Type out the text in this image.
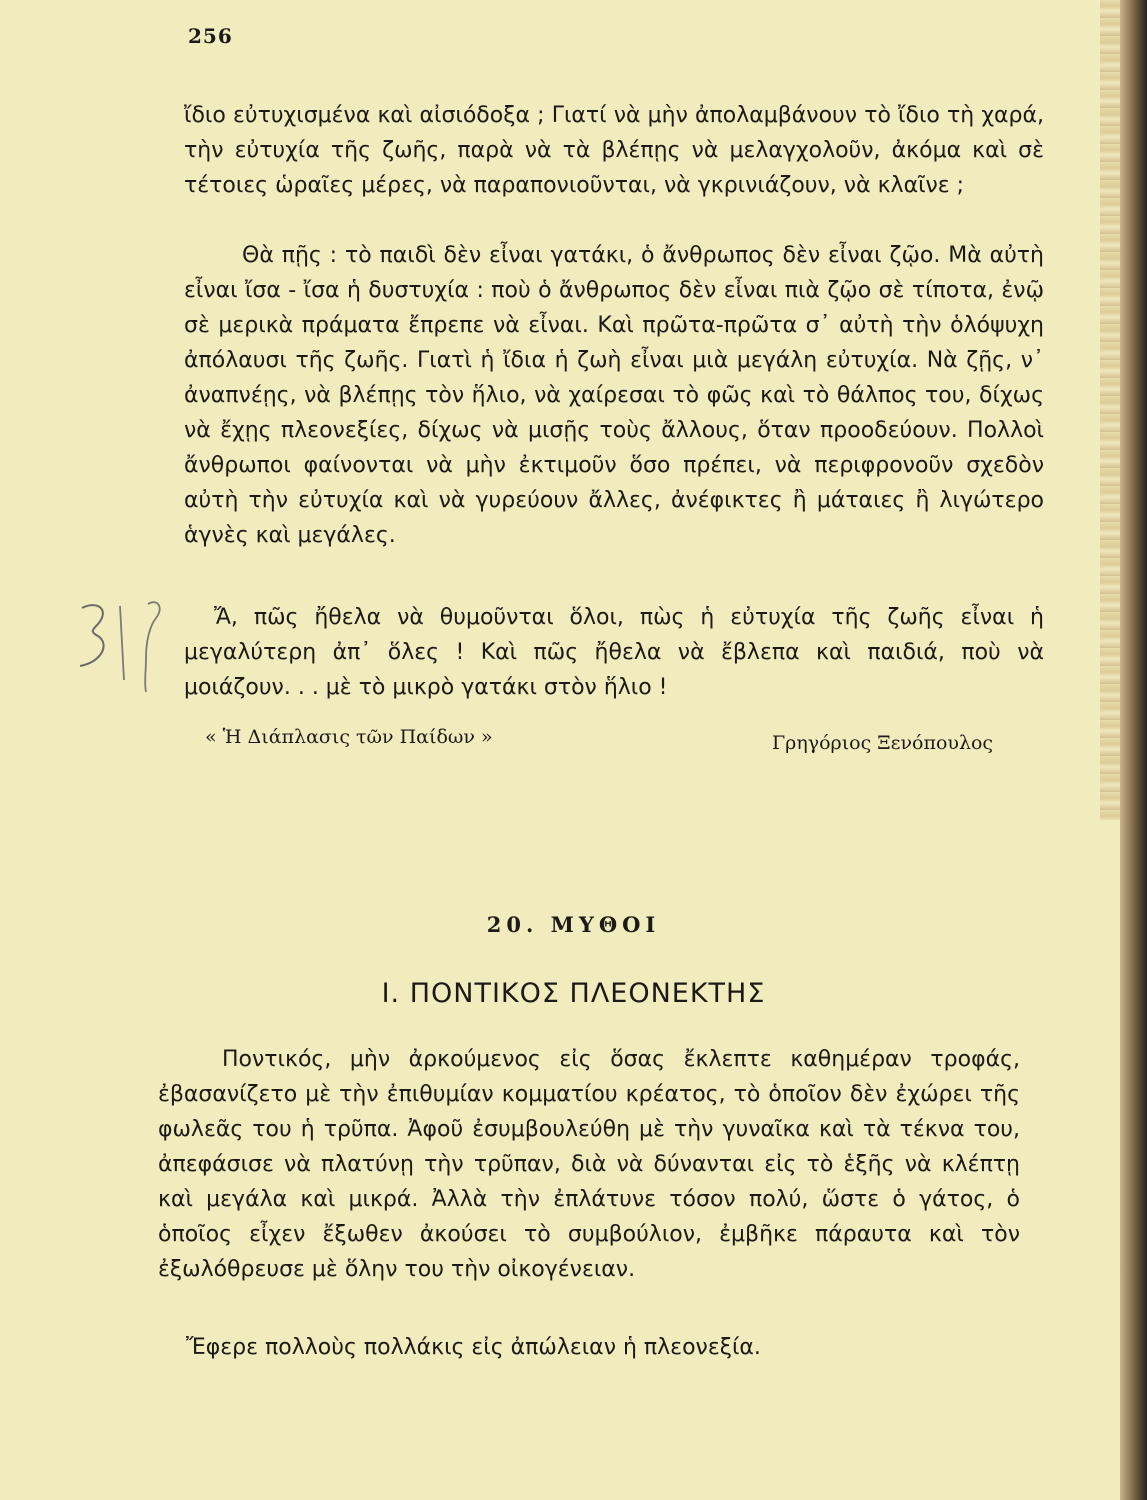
256

ἴδιο εὐτυχισμένα καὶ αἰσιόδοξα ; Γιατί νὰ μὴν ἀπολαμβάνουν τὸ ἴδιο τὴ χαρά, τὴν εὐτυχία τῆς ζωῆς, παρὰ νὰ τὰ βλέπῃς νὰ μελαγχολοῦν, ἀκόμα καὶ σὲ τέτοιες ὡραῖες μέρες, νὰ παραπονιοῦνται, νὰ γκρινιάζουν, νὰ κλαῖνε ;

Θὰ πῇς : τὸ παιδὶ δὲν εἶναι γατάκι, ὁ ἄνθρωπος δὲν εἶναι ζῷο. Μὰ αὐτὴ εἶναι ἴσα - ἴσα ἡ δυστυχία : ποὺ ὁ ἄνθρωπος δὲν εἶναι πιὰ ζῷο σὲ τίποτα, ἐνῷ σὲ μερικὰ πράματα ἔπρεπε νὰ εἶναι. Καὶ πρῶτα-πρῶτα σ᾽ αὐτὴ τὴν ὁλόψυχη ἀπόλαυσι τῆς ζωῆς. Γιατὶ ἡ ἴδια ἡ ζωὴ εἶναι μιὰ μεγάλη εὐτυχία. Νὰ ζῇς, ν᾽ ἀναπνέῃς, νὰ βλέπῃς τὸν ἥλιο, νὰ χαίρεσαι τὸ φῶς καὶ τὸ θάλπος του, δίχως νὰ ἔχῃς πλεονεξίες, δίχως νὰ μισῇς τοὺς ἄλλους, ὅταν προοδεύουν. Πολλοὶ ἄνθρωποι φαίνονται νὰ μὴν ἐκτιμοῦν ὅσο πρέπει, νὰ περιφρονοῦν σχεδὸν αὐτὴ τὴν εὐτυχία καὶ νὰ γυρεύουν ἄλλες, ἀνέφικτες ἢ μάταιες ἢ λιγώτερο ἁγνὲς καὶ μεγάλες.

Ἄ, πῶς ἤθελα νὰ θυμοῦνται ὅλοι, πὼς ἡ εὐτυχία τῆς ζωῆς εἶναι ἡ μεγαλύτερη ἀπ᾽ ὅλες ! Καὶ πῶς ἤθελα νὰ ἔβλεπα καὶ παιδιά, ποὺ νὰ μοιάζουν. . . μὲ τὸ μικρὸ γατάκι στὸν ἥλιο !

« Ἡ Διάπλασις τῶν Παίδων »	Γρηγόριος Ξενόπουλος
20. ΜΥΘΟΙ
Ι. ΠΟΝΤΙΚΟΣ ΠΛΕΟΝΕΚΤΗΣ

Ποντικός, μὴν ἀρκούμενος εἰς ὅσας ἔκλεπτε καθημέραν τροφάς, ἐβασανίζετο μὲ τὴν ἐπιθυμίαν κομματίου κρέατος, τὸ ὁποῖον δὲν ἐχώρει τῆς φωλεᾶς του ἡ τρῦπα. Ἀφοῦ ἐσυμβουλεύθη μὲ τὴν γυναῖκα καὶ τὰ τέκνα του, ἀπεφάσισε νὰ πλατύνῃ τὴν τρῦπαν, διὰ νὰ δύνανται εἰς τὸ ἑξῆς νὰ κλέπτῃ καὶ μεγάλα καὶ μικρά. Ἀλλὰ τὴν ἐπλάτυνε τόσον πολύ, ὥστε ὁ γάτος, ὁ ὁποῖος εἶχεν ἔξωθεν ἀκούσει τὸ συμβούλιον, ἐμβῆκε πάραυτα καὶ τὸν ἐξωλόθρευσε μὲ ὅλην του τὴν οἰκογένειαν.

Ἔφερε πολλοὺς πολλάκις εἰς ἀπώλειαν ἡ πλεονεξία.
